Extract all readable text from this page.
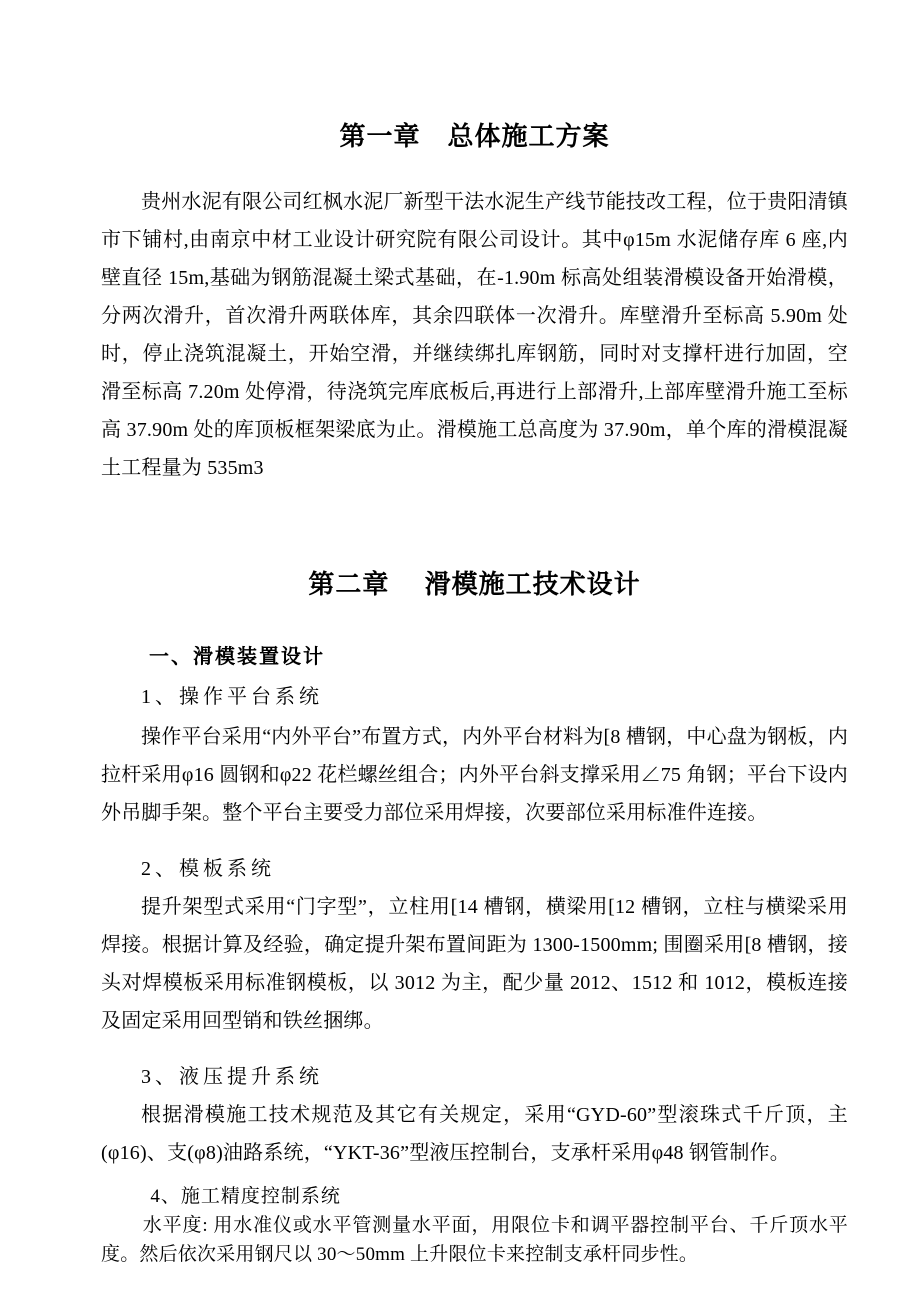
第一章　总体施工方案
贵州水泥有限公司红枫水泥厂新型干法水泥生产线节能技改工程，位于贵阳清镇市下铺村,由南京中材工业设计研究院有限公司设计。其中φ15m 水泥储存库 6 座,内壁直径 15m,基础为钢筋混凝土梁式基础，在-1.90m 标高处组装滑模设备开始滑模，分两次滑升，首次滑升两联体库，其余四联体一次滑升。库壁滑升至标高 5.90m 处时，停止浇筑混凝土，开始空滑，并继续绑扎库钢筋，同时对支撑杆进行加固，空滑至标高 7.20m 处停滑，待浇筑完库底板后,再进行上部滑升,上部库壁滑升施工至标高 37.90m 处的库顶板框架梁底为止。滑模施工总高度为 37.90m，单个库的滑模混凝土工程量为 535m3
第二章　 滑模施工技术设计
一、滑模装置设计
1、操作平台系统
操作平台采用“内外平台”布置方式，内外平台材料为[8 槽钢，中心盘为钢板，内拉杆采用φ16 圆钢和φ22 花栏螺丝组合；内外平台斜支撑采用∠75 角钢；平台下设内外吊脚手架。整个平台主要受力部位采用焊接，次要部位采用标准件连接。
2、模板系统
提升架型式采用“门字型”，立柱用[14 槽钢，横梁用[12 槽钢，立柱与横梁采用焊接。根据计算及经验，确定提升架布置间距为 1300-1500mm; 围圈采用[8 槽钢，接头对焊模板采用标准钢模板，以 3012 为主，配少量 2012、1512 和 1012，模板连接及固定采用回型销和铁丝捆绑。
3、液压提升系统
根据滑模施工技术规范及其它有关规定，采用“GYD-60”型滚珠式千斤顶，主(φ16)、支(φ8)油路系统，“YKT-36”型液压控制台，支承杆采用φ48 钢管制作。
4、施工精度控制系统
水平度: 用水准仪或水平管测量水平面，用限位卡和调平器控制平台、千斤顶水平度。然后依次采用钢尺以 30～50mm 上升限位卡来控制支承杆同步性。
